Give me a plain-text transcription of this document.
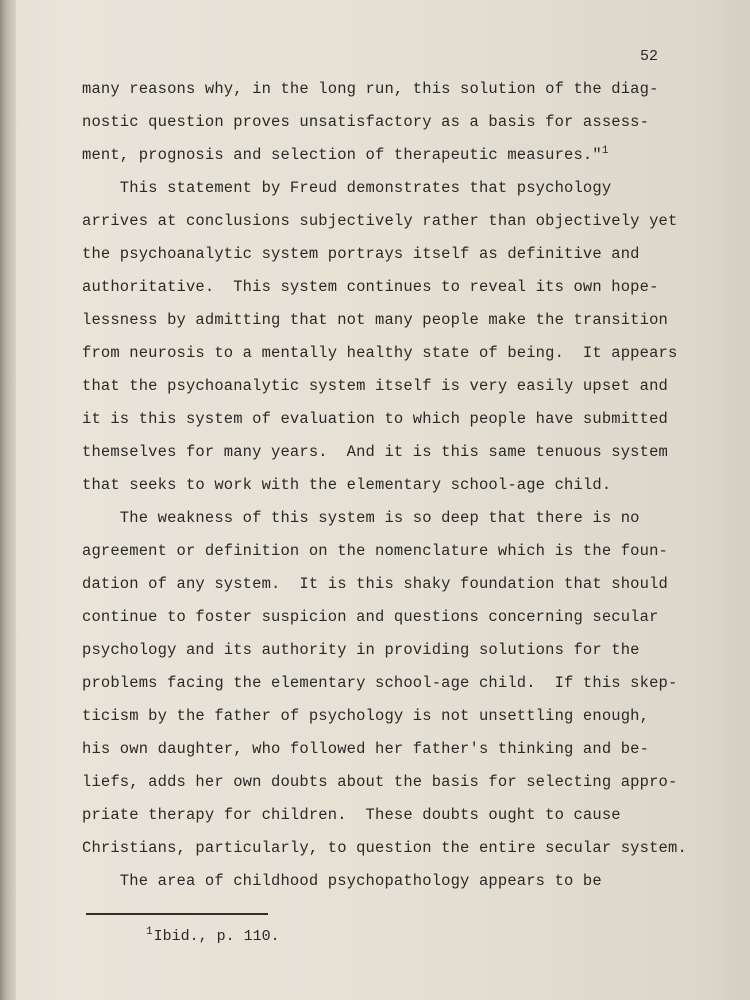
52
many reasons why, in the long run, this solution of the diag-
nostic question proves unsatisfactory as a basis for assess-
ment, prognosis and selection of therapeutic measures."$^1$
This statement by Freud demonstrates that psychology
arrives at conclusions subjectively rather than objectively yet
the psychoanalytic system portrays itself as definitive and
authoritative.  This system continues to reveal its own hope-
lessness by admitting that not many people make the transition
from neurosis to a mentally healthy state of being.  It appears
that the psychoanalytic system itself is very easily upset and
it is this system of evaluation to which people have submitted
themselves for many years.  And it is this same tenuous system
that seeks to work with the elementary school-age child.
The weakness of this system is so deep that there is no
agreement or definition on the nomenclature which is the foun-
dation of any system.  It is this shaky foundation that should
continue to foster suspicion and questions concerning secular
psychology and its authority in providing solutions for the
problems facing the elementary school-age child.  If this skep-
ticism by the father of psychology is not unsettling enough,
his own daughter, who followed her father's thinking and be-
liefs, adds her own doubts about the basis for selecting appro-
priate therapy for children.  These doubts ought to cause
Christians, particularly, to question the entire secular system.
The area of childhood psychopathology appears to be
$^1$Ibid., p. 110.
